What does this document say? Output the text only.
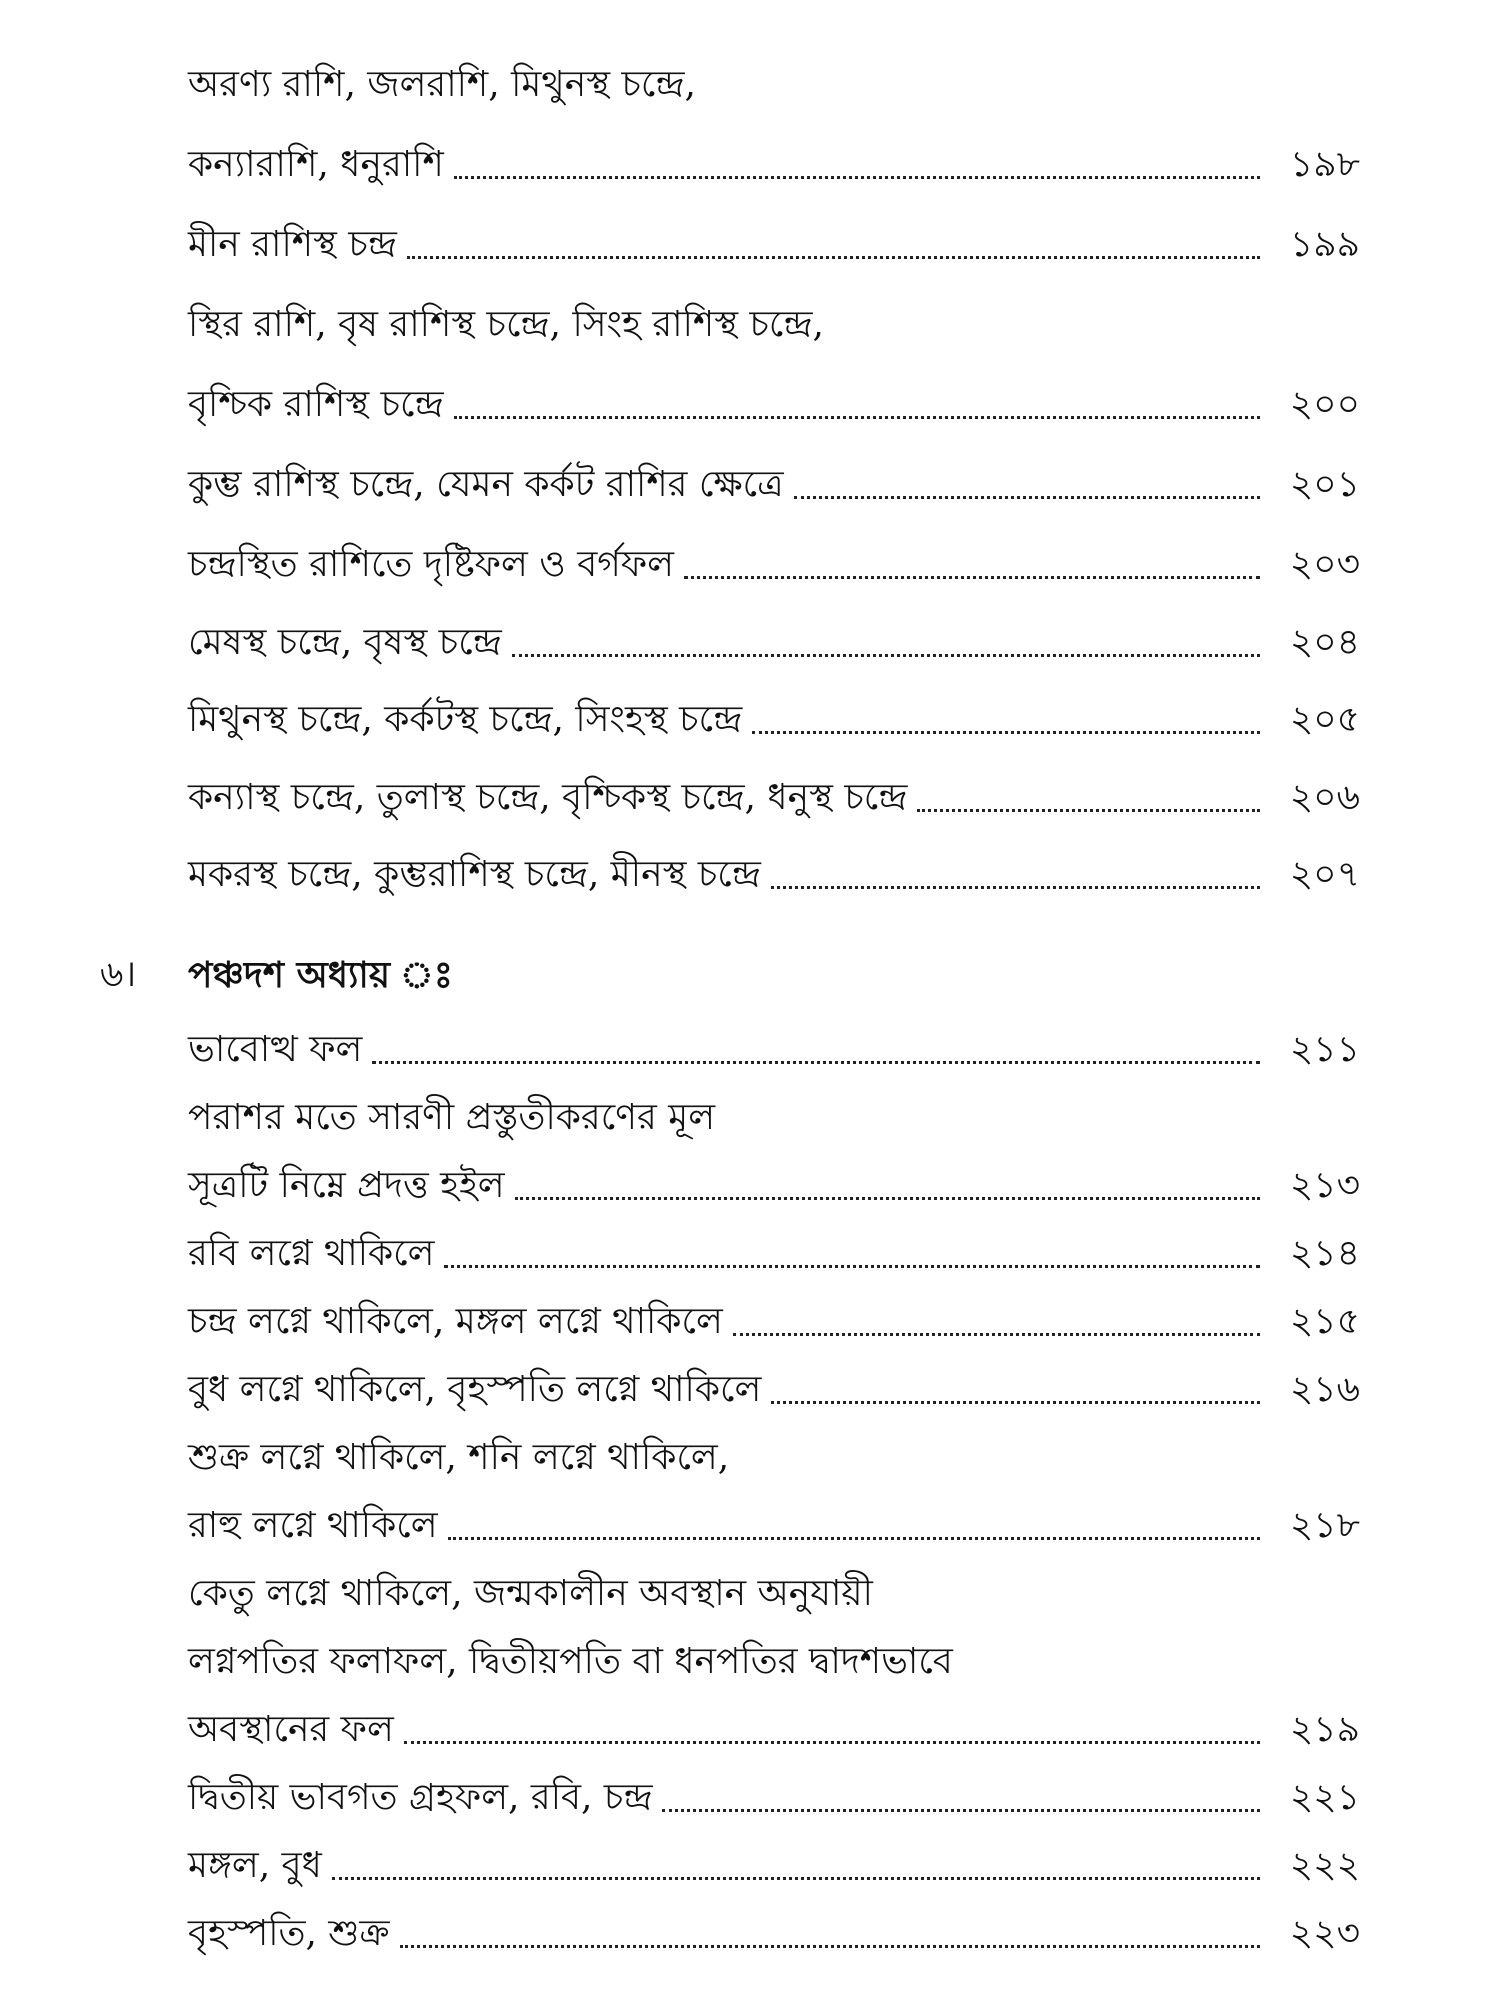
অরণ্য রাশি, জলরাশি, মিথুনস্থ চন্দ্রে,
কন্যারাশি, ধনুরাশি	১৯৮
মীন রাশিস্থ চন্দ্র	১৯৯
স্থির রাশি, বৃষ রাশিস্থ চন্দ্রে, সিংহ রাশিস্থ চন্দ্রে,
বৃশ্চিক রাশিস্থ চন্দ্রে	২০০
কুম্ভ রাশিস্থ চন্দ্রে, যেমন কর্কট রাশির ক্ষেত্রে	২০১
চন্দ্রস্থিত রাশিতে দৃষ্টিফল ও বর্গফল	২০৩
মেষস্থ চন্দ্রে, বৃষস্থ চন্দ্রে	২০৪
মিথুনস্থ চন্দ্রে, কর্কটস্থ চন্দ্রে, সিংহস্থ চন্দ্রে	২০৫
কন্যাস্থ চন্দ্রে, তুলাস্থ চন্দ্রে, বৃশ্চিকস্থ চন্দ্রে, ধনুস্থ চন্দ্রে	২০৬
মকরস্থ চন্দ্রে, কুম্ভরাশিস্থ চন্দ্রে, মীনস্থ চন্দ্রে	২০৭
৬।	পঞ্চদশ অধ্যায় ঃ
ভাবোত্থ ফল	২১১
পরাশর মতে সারণী প্রস্তুতীকরণের মূল
সূত্রটি নিম্নে প্রদত্ত হইল	২১৩
রবি লগ্নে থাকিলে	২১৪
চন্দ্র লগ্নে থাকিলে, মঙ্গল লগ্নে থাকিলে	২১৫
বুধ লগ্নে থাকিলে, বৃহস্পতি লগ্নে থাকিলে	২১৬
শুক্র লগ্নে থাকিলে, শনি লগ্নে থাকিলে,
রাহু লগ্নে থাকিলে	২১৮
কেতু লগ্নে থাকিলে, জন্মকালীন অবস্থান অনুযায়ী
লগ্নপতির ফলাফল, দ্বিতীয়পতি বা ধনপতির দ্বাদশভাবে
অবস্থানের ফল	২১৯
দ্বিতীয় ভাবগত গ্রহফল, রবি, চন্দ্র	২২১
মঙ্গল, বুধ	২২২
বৃহস্পতি, শুক্র	২২৩
